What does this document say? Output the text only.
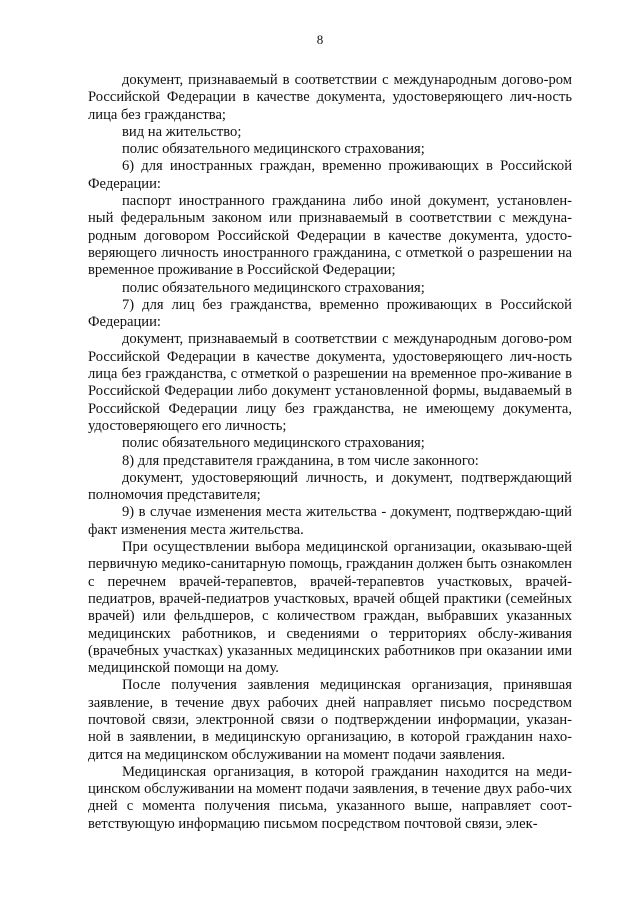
8

документ, признаваемый в соответствии с международным догово-ром Российской Федерации в качестве документа, удостоверяющего лич-ность лица без гражданства;

вид на жительство;

полис обязательного медицинского страхования;

6) для иностранных граждан, временно проживающих в Российской Федерации:

паспорт иностранного гражданина либо иной документ, установлен-ный федеральным законом или признаваемый в соответствии с междуна-родным договором Российской Федерации в качестве документа, удосто-веряющего личность иностранного гражданина, с отметкой о разрешении на временное проживание в Российской Федерации;

полис обязательного медицинского страхования;

7) для лиц без гражданства, временно проживающих в Российской Федерации:

документ, признаваемый в соответствии с международным догово-ром Российской Федерации в качестве документа, удостоверяющего лич-ность лица без гражданства, с отметкой о разрешении на временное про-живание в Российской Федерации либо документ установленной формы, выдаваемый в Российской Федерации лицу без гражданства, не имеющему документа, удостоверяющего его личность;

полис обязательного медицинского страхования;

8) для представителя гражданина, в том числе законного:

документ, удостоверяющий личность, и документ, подтверждающий полномочия представителя;

9) в случае изменения места жительства - документ, подтверждаю-щий факт изменения места жительства.

При осуществлении выбора медицинской организации, оказываю-щей первичную медико-санитарную помощь, гражданин должен быть ознакомлен с перечнем врачей-терапевтов, врачей-терапевтов участковых, врачей-педиатров, врачей-педиатров участковых, врачей общей практики (семейных врачей) или фельдшеров, с количеством граждан, выбравших указанных медицинских работников, и сведениями о территориях обслу-живания (врачебных участках) указанных медицинских работников при оказании ими медицинской помощи на дому.

После получения заявления медицинская организация, принявшая заявление, в течение двух рабочих дней направляет письмо посредством почтовой связи, электронной связи о подтверждении информации, указан-ной в заявлении, в медицинскую организацию, в которой гражданин нахо-дится на медицинском обслуживании на момент подачи заявления.

Медицинская организация, в которой гражданин находится на меди-цинском обслуживании на момент подачи заявления, в течение двух рабо-чих дней с момента получения письма, указанного выше, направляет соот-ветствующую информацию письмом посредством почтовой связи, элек-
